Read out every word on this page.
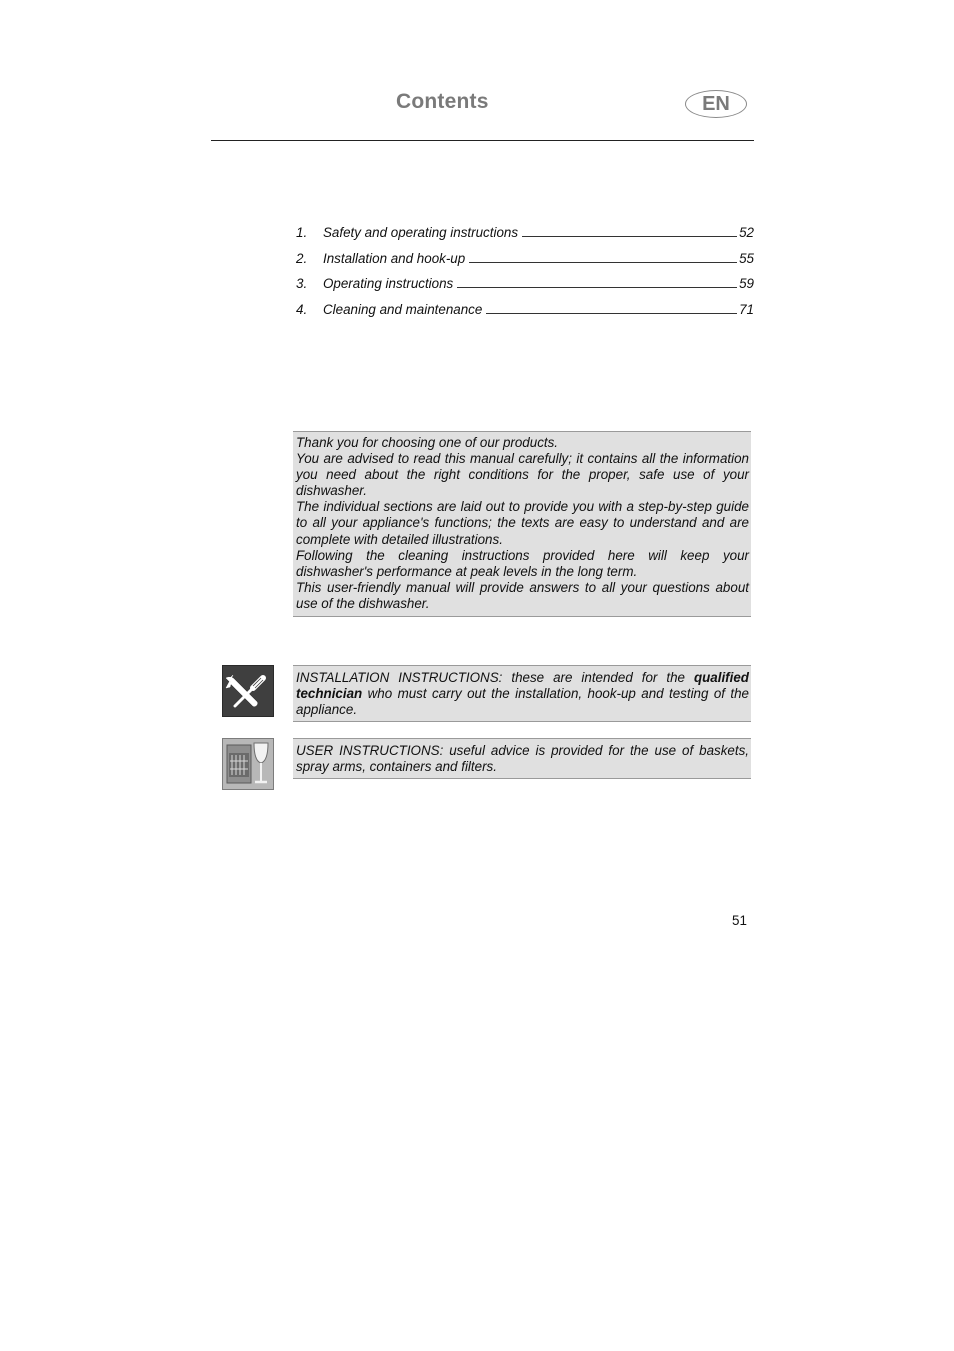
Contents	EN
1.	Safety and operating instructions	52
2.	Installation and hook-up	55
3.	Operating instructions	59
4.	Cleaning and maintenance	71

Thank you for choosing one of our products.

You are advised to read this manual carefully; it contains all the information you need about the right conditions for the proper, safe use of your dishwasher.

The individual sections are laid out to provide you with a step-by-step guide to all your appliance's functions; the texts are easy to understand and are complete with detailed illustrations.

Following the cleaning instructions provided here will keep your dishwasher's performance at peak levels in the long term.

This user-friendly manual will provide answers to all your questions about use of the dishwasher.

INSTALLATION INSTRUCTIONS: these are intended for the qualified technician who must carry out the installation, hook-up and testing of the appliance.

USER INSTRUCTIONS: useful advice is provided for the use of baskets, spray arms, containers and filters.

51
